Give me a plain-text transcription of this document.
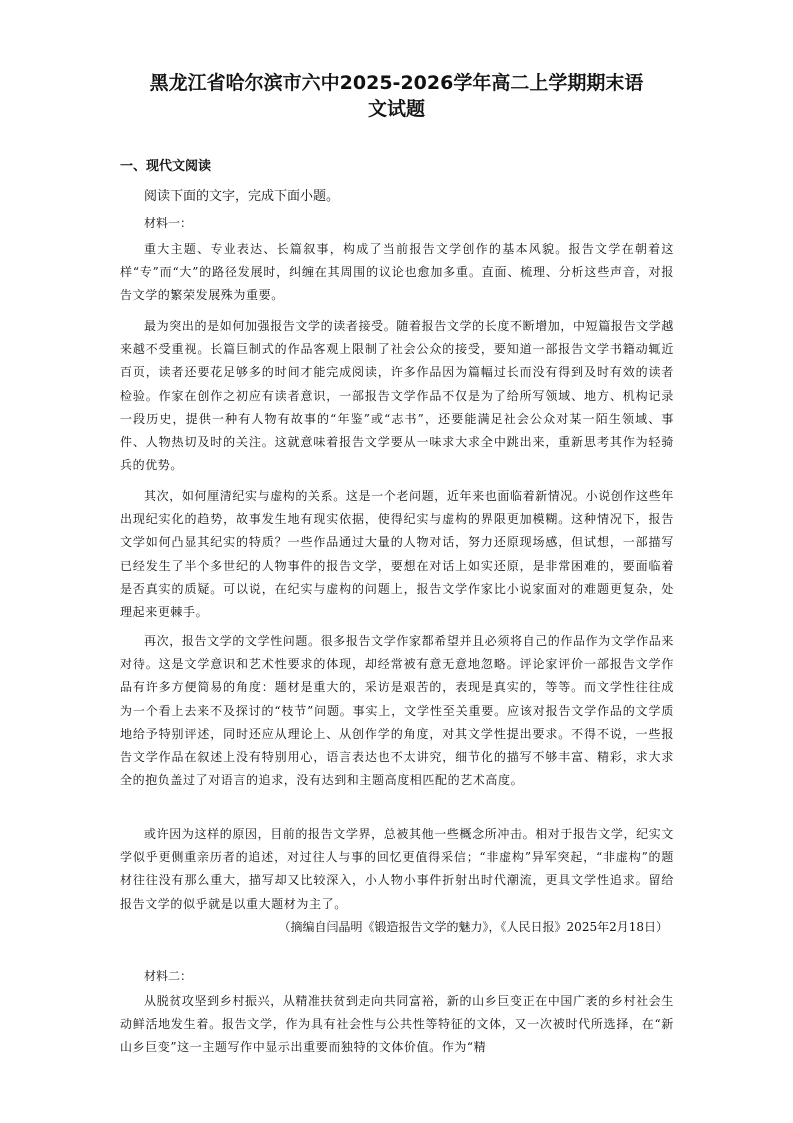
黑龙江省哈尔滨市六中2025-2026学年高二上学期期末语
文试题
一、现代文阅读

阅读下面的文字，完成下面小题。

材料一：

重大主题、专业表达、长篇叙事，构成了当前报告文学创作的基本风貌。报告文学在朝着这样“专”而“大”的路径发展时，纠缠在其周围的议论也愈加多重。直面、梳理、分析这些声音，对报告文学的繁荣发展殊为重要。

最为突出的是如何加强报告文学的读者接受。随着报告文学的长度不断增加，中短篇报告文学越来越不受重视。长篇巨制式的作品客观上限制了社会公众的接受，要知道一部报告文学书籍动辄近百页，读者还要花足够多的时间才能完成阅读，许多作品因为篇幅过长而没有得到及时有效的读者检验。作家在创作之初应有读者意识，一部报告文学作品不仅是为了给所写领域、地方、机构记录一段历史，提供一种有人物有故事的“年鉴”或“志书”，还要能满足社会公众对某一陌生领域、事件、人物热切及时的关注。这就意味着报告文学要从一味求大求全中跳出来，重新思考其作为轻骑兵的优势。

其次，如何厘清纪实与虚构的关系。这是一个老问题，近年来也面临着新情况。小说创作这些年出现纪实化的趋势，故事发生地有现实依据，使得纪实与虚构的界限更加模糊。这种情况下，报告文学如何凸显其纪实的特质？一些作品通过大量的人物对话，努力还原现场感，但试想，一部描写已经发生了半个多世纪的人物事件的报告文学，要想在对话上如实还原，是非常困难的，要面临着是否真实的质疑。可以说，在纪实与虚构的问题上，报告文学作家比小说家面对的难题更复杂，处理起来更棘手。

再次，报告文学的文学性问题。很多报告文学作家都希望并且必须将自己的作品作为文学作品来对待。这是文学意识和艺术性要求的体现，却经常被有意无意地忽略。评论家评价一部报告文学作品有许多方便简易的角度：题材是重大的，采访是艰苦的，表现是真实的，等等。而文学性往往成为一个看上去来不及探讨的“枝节”问题。事实上，文学性至关重要。应该对报告文学作品的文学质地给予特别评述，同时还应从理论上、从创作学的角度，对其文学性提出要求。不得不说，一些报告文学作品在叙述上没有特别用心，语言表达也不太讲究，细节化的描写不够丰富、精彩，求大求全的抱负盖过了对语言的追求，没有达到和主题高度相匹配的艺术高度。

或许因为这样的原因，目前的报告文学界，总被其他一些概念所冲击。相对于报告文学，纪实文学似乎更侧重亲历者的追述，对过往人与事的回忆更值得采信；“非虚构”异军突起，“非虚构”的题材往往没有那么重大，描写却又比较深入，小人物小事件折射出时代潮流，更具文学性追求。留给报告文学的似乎就是以重大题材为主了。

（摘编自闫晶明《锻造报告文学的魅力》，《人民日报》2025年2月18日）

材料二：

从脱贫攻坚到乡村振兴，从精准扶贫到走向共同富裕，新的山乡巨变正在中国广袤的乡村社会生动鲜活地发生着。报告文学，作为具有社会性与公共性等特征的文体，又一次被时代所选择，在“新山乡巨变”这一主题写作中显示出重要而独特的文体价值。作为“精
